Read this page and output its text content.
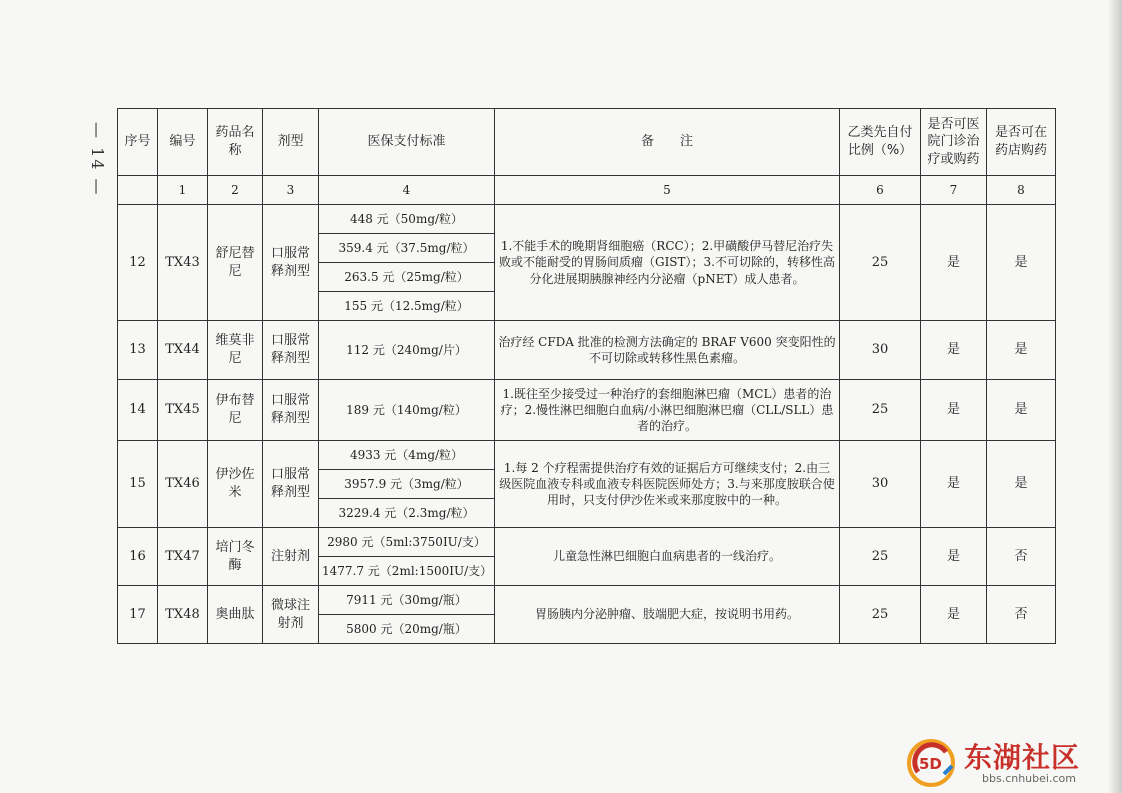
— 14 — 序号	编号	药品名称	剂型	医保支付标准	备　　注	乙类先自付比例（%）	是否可医院门诊治疗或购药	是否可在药店购药
	1	2	3	4	5	6	7	8
12	TX43	舒尼替尼	口服常释剂型	448 元（50mg/粒）	1.不能手术的晚期肾细胞癌（RCC）；2.甲磺酸伊马替尼治疗失败或不能耐受的胃肠间质瘤（GIST）；3.不可切除的，转移性高分化进展期胰腺神经内分泌瘤（pNET）成人患者。	25	是	是
				359.4 元（37.5mg/粒）				
				263.5 元（25mg/粒）				
				155 元（12.5mg/粒）				
13	TX44	维莫非尼	口服常释剂型	112 元（240mg/片）	治疗经 CFDA 批准的检测方法确定的 BRAF V600 突变阳性的不可切除或转移性黑色素瘤。	30	是	是
14	TX45	伊布替尼	口服常释剂型	189 元（140mg/粒）	1.既往至少接受过一种治疗的套细胞淋巴瘤（MCL）患者的治疗；2.慢性淋巴细胞白血病/小淋巴细胞淋巴瘤（CLL/SLL）患者的治疗。	25	是	是
15	TX46	伊沙佐米	口服常释剂型	4933 元（4mg/粒）	1.每 2 个疗程需提供治疗有效的证据后方可继续支付；2.由三级医院血液专科或血液专科医院医师处方；3.与来那度胺联合使用时，只支付伊沙佐米或来那度胺中的一种。	30	是	是
				3957.9 元（3mg/粒）				
				3229.4 元（2.3mg/粒）				
16	TX47	培门冬酶	注射剂	2980 元（5ml:3750IU/支）	儿童急性淋巴细胞白血病患者的一线治疗。	25	是	否
				1477.7 元（2ml:1500IU/支）				
17	TX48	奥曲肽	微球注射剂	7911 元（30mg/瓶）	胃肠胰内分泌肿瘤、肢端肥大症，按说明书用药。	25	是	否
				5800 元（20mg/瓶）				
5D 东湖社区
bbs.cnhubei.com
